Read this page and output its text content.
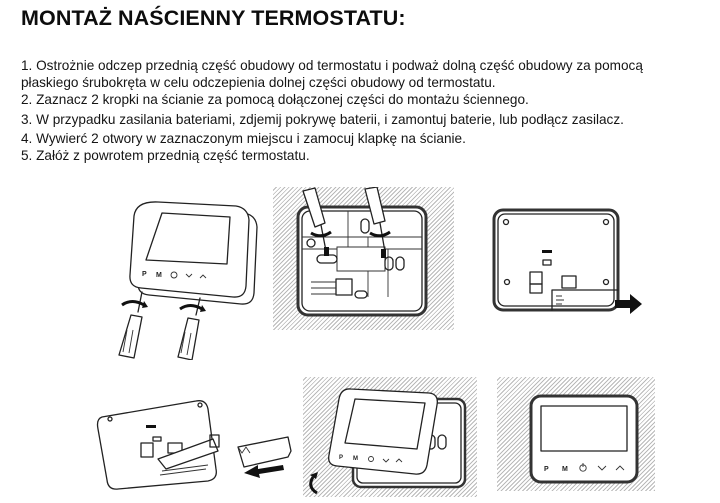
MONTAŻ NAŚCIENNY TERMOSTATU:
1. Ostrożnie odczep przednią część obudowy od termostatu i podważ dolną część obudowy za pomocą
płaskiego śrubokręta w celu odczepienia dolnej części obudowy od termostatu.
2. Zaznacz 2 kropki na ścianie za pomocą dołączonej części do montażu ściennego.
3. W przypadku zasilania bateriami, zdjemij pokrywę baterii, i zamontuj baterie, lub podłącz zasilacz.
4. Wywierć 2 otwory w zaznaczonym miejscu i zamocuj klapkę na ścianie.
5. Załóż z powrotem przednią część termostatu.
P M
P M
P M
